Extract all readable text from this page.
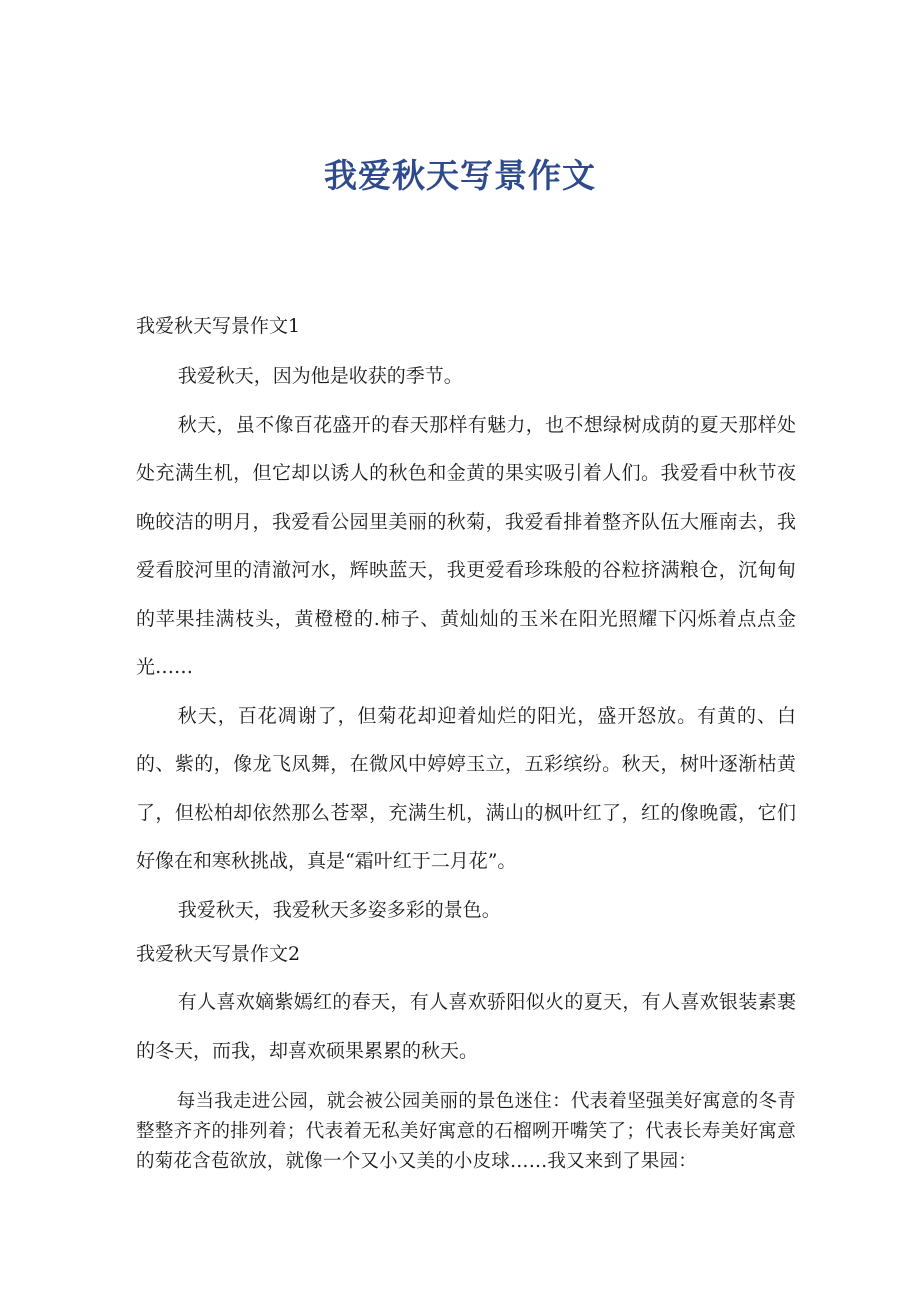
我爱秋天写景作文
我爱秋天写景作文1

我爱秋天，因为他是收获的季节。

秋天，虽不像百花盛开的春天那样有魅力，也不想绿树成荫的夏天那样处处充满生机，但它却以诱人的秋色和金黄的果实吸引着人们。我爱看中秋节夜晚皎洁的明月，我爱看公园里美丽的秋菊，我爱看排着整齐队伍大雁南去，我爱看胶河里的清澈河水，辉映蓝天，我更爱看珍珠般的谷粒挤满粮仓，沉甸甸的苹果挂满枝头，黄橙橙的.柿子、黄灿灿的玉米在阳光照耀下闪烁着点点金光……

秋天，百花凋谢了，但菊花却迎着灿烂的阳光，盛开怒放。有黄的、白的、紫的，像龙飞凤舞，在微风中婷婷玉立，五彩缤纷。秋天，树叶逐渐枯黄了，但松柏却依然那么苍翠，充满生机，满山的枫叶红了，红的像晚霞，它们好像在和寒秋挑战，真是“霜叶红于二月花”。

我爱秋天，我爱秋天多姿多彩的景色。

我爱秋天写景作文2

有人喜欢嫡紫嫣红的春天，有人喜欢骄阳似火的夏天，有人喜欢银装素裹的冬天，而我，却喜欢硕果累累的秋天。

每当我走进公园，就会被公园美丽的景色迷住：代表着坚强美好寓意的冬青整整齐齐的排列着；代表着无私美好寓意的石榴咧开嘴笑了；代表长寿美好寓意的菊花含苞欲放，就像一个又小又美的小皮球……我又来到了果园：
